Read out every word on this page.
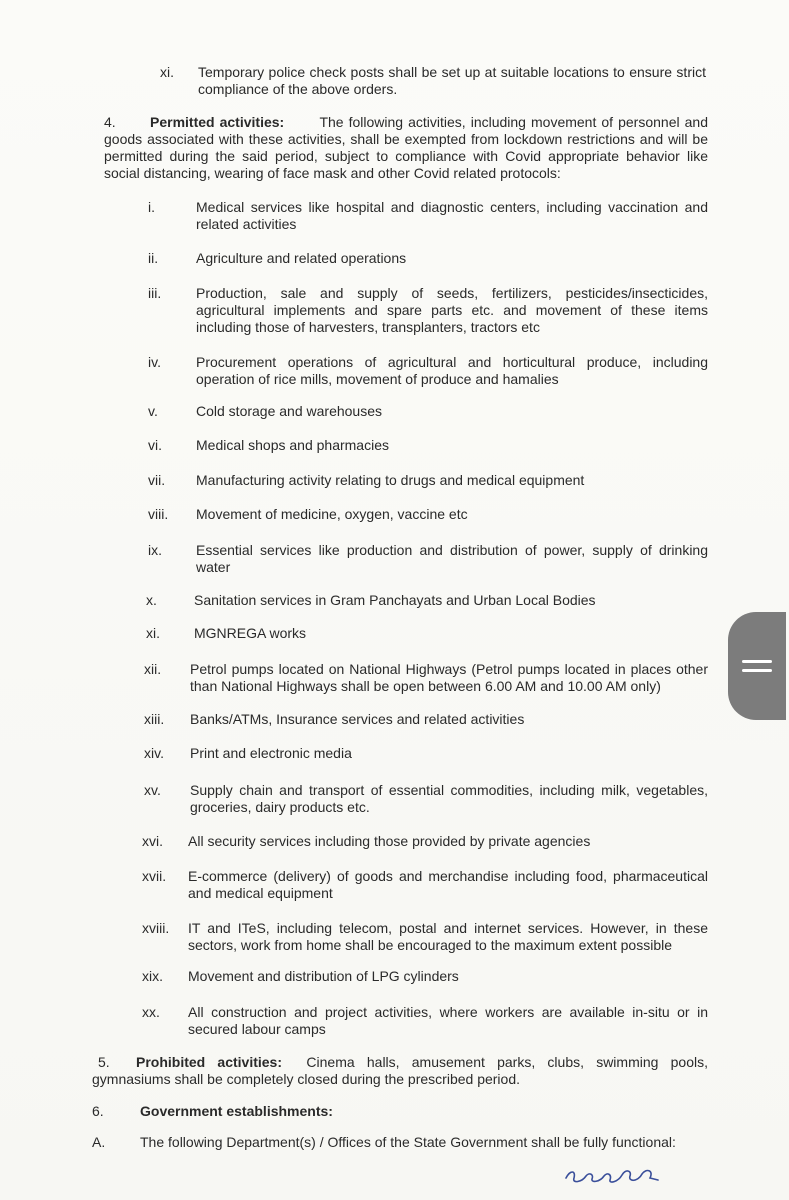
xi.	Temporary police check posts shall be set up at suitable locations to ensure strict compliance of the above orders.
4. Permitted activities:	The following activities, including movement of personnel and goods associated with these activities, shall be exempted from lockdown restrictions and will be permitted during the said period, subject to compliance with Covid appropriate behavior like social distancing, wearing of face mask and other Covid related protocols:
i.	Medical services like hospital and diagnostic centers, including vaccination and related activities
ii.	Agriculture and related operations
iii.	Production, sale and supply of seeds, fertilizers, pesticides/insecticides, agricultural implements and spare parts etc. and movement of these items including those of harvesters, transplanters, tractors etc
iv.	Procurement operations of agricultural and horticultural produce, including operation of rice mills, movement of produce and hamalies
v.	Cold storage and warehouses
vi.	Medical shops and pharmacies
vii.	Manufacturing activity relating to drugs and medical equipment
viii.	Movement of medicine, oxygen, vaccine etc
ix.	Essential services like production and distribution of power, supply of drinking water
x.	Sanitation services in Gram Panchayats and Urban Local Bodies
xi.	MGNREGA works
xii.	Petrol pumps located on National Highways (Petrol pumps located in places other than National Highways shall be open between 6.00 AM and 10.00 AM only)
xiii.	Banks/ATMs, Insurance services and related activities
xiv.	Print and electronic media
xv.	Supply chain and transport of essential commodities, including milk, vegetables, groceries, dairy products etc.
xvi.	All security services including those provided by private agencies
xvii.	E-commerce (delivery) of goods and merchandise including food, pharmaceutical and medical equipment
xviii.	IT and ITeS, including telecom, postal and internet services. However, in these sectors, work from home shall be encouraged to the maximum extent possible
xix.	Movement and distribution of LPG cylinders
xx.	All construction and project activities, where workers are available in-situ or in secured labour camps
5. Prohibited activities: Cinema halls, amusement parks, clubs, swimming pools, gymnasiums shall be completely closed during the prescribed period.
6.	Government establishments:
A.	The following Department(s) / Offices of the State Government shall be fully functional:
